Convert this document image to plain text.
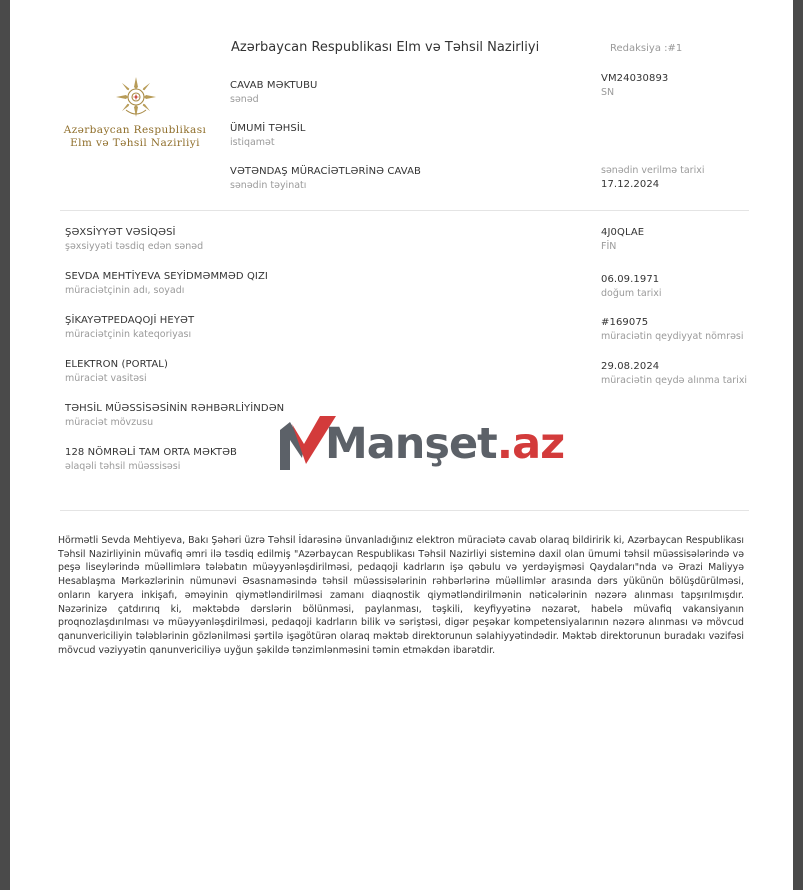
Azərbaycan Respublikası
Elm və Təhsil Nazirliyi
Azərbaycan Respublikası Elm və Təhsil Nazirliyi	Redaksiya :#1
CAVAB MƏKTUBU
sənəd
ÜMUMİ TƏHSİL
istiqamət
VƏTƏNDAŞ MÜRACİƏTLƏRİNƏ CAVAB
sənədin təyinatı
VM24030893
SN
sənədin verilmə tarixi
17.12.2024
ŞƏXSİYYƏT VƏSİQƏSİ
şəxsiyyəti təsdiq edən sənəd
SEVDA MEHTİYEVA SEYİDMƏMMƏD QIZI
müraciətçinin adı, soyadı
ŞİKAYƏTPEDAQOJİ HEYƏT
müraciətçinin kateqoriyası
ELEKTRON (PORTAL)
müraciət vasitəsi
TƏHSİL MÜƏSSİSƏSİNİN RƏHBƏRLİYİNDƏN
müraciət mövzusu
128 NÖMRƏLİ TAM ORTA MƏKTƏB
əlaqəli təhsil müəssisəsi
4J0QLAE
FİN
06.09.1971
doğum tarixi
#169075
müraciətin qeydiyyat nömrəsi
29.08.2024
müraciətin qeydə alınma tarixi
Manşet.az
Hörmətli Sevda Mehtiyeva, Bakı Şəhəri üzrə Təhsil İdarəsinə ünvanladığınız elektron müraciətə cavab olaraq bildiririk ki, Azərbaycan Respublikası Təhsil Nazirliyinin müvafiq əmri ilə təsdiq edilmiş "Azərbaycan Respublikası Təhsil Nazirliyi sisteminə daxil olan ümumi təhsil müəssisələrində və peşə liseylərində müəllimlərə tələbatın müəyyənləşdirilməsi, pedaqoji kadrların işə qəbulu və yerdəyişməsi Qaydaları"nda və Ərazi Maliyyə Hesablaşma Mərkəzlərinin nümunəvi Əsasnaməsində təhsil müəssisələrinin rəhbərlərinə müəllimlər arasında dərs yükünün bölüşdürülməsi, onların karyera inkişafı, əməyinin qiymətləndirilməsi zamanı diaqnostik qiymətləndirilmənin nəticələrinin nəzərə alınması tapşırılmışdır. Nəzərinizə çatdırırıq ki, məktəbdə dərslərin bölünməsi, paylanması, təşkili, keyfiyyətinə nəzarət, habelə müvafiq vakansiyanın proqnozlaşdırılması və müəyyənləşdirilməsi, pedaqoji kadrların bilik və səriştəsi, digər peşəkar kompetensiyalarının nəzərə alınması və mövcud qanunvericiliyin tələblərinin gözlənilməsi şərtilə işəgötürən olaraq məktəb direktorunun səlahiyyətindədir. Məktəb direktorunun buradakı vəzifəsi mövcud vəziyyətin qanunvericiliyə uyğun şəkildə tənzimlənməsini təmin etməkdən ibarətdir.
